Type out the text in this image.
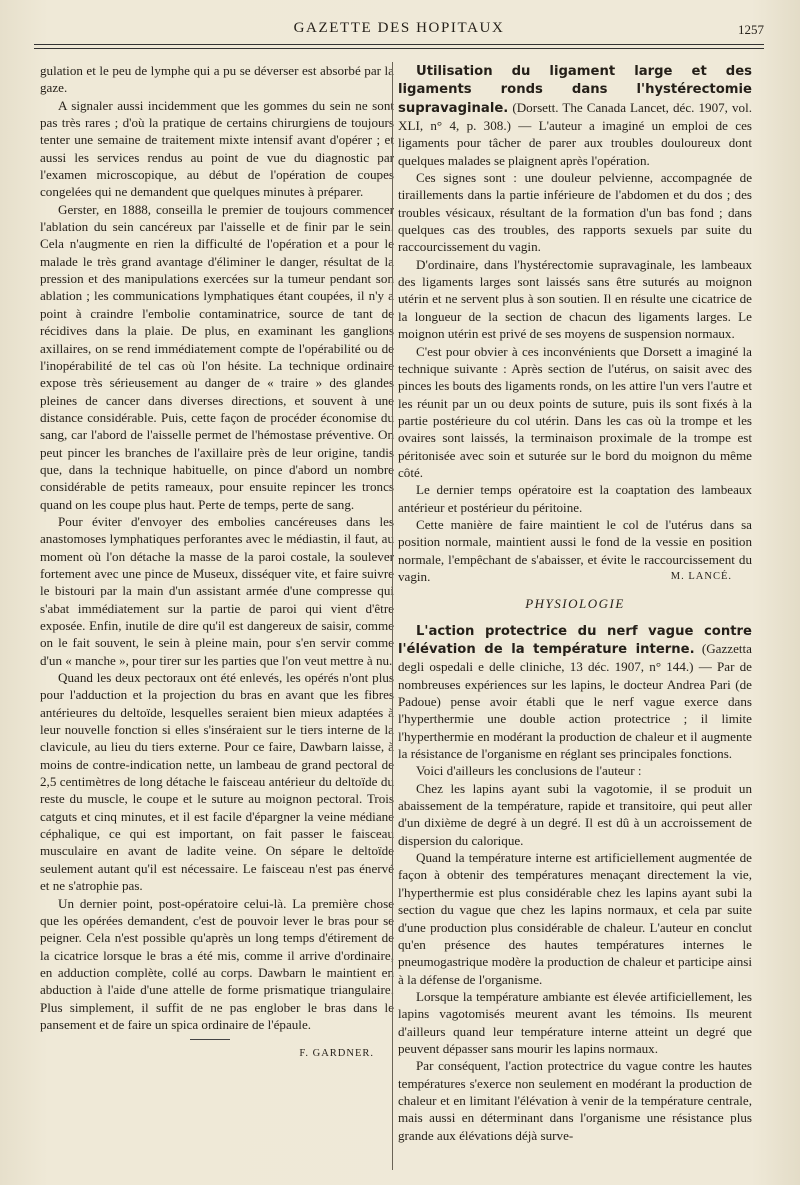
GAZETTE DES HOPITAUX	1257

gulation et le peu de lymphe qui a pu se déverser est absorbé par la gaze.

A signaler aussi incidemment que les gommes du sein ne sont pas très rares ; d'où la pratique de certains chirurgiens de toujours tenter une semaine de traitement mixte intensif avant d'opérer ; et aussi les services rendus au point de vue du diagnostic par l'examen microscopique, au début de l'opération de coupes congelées qui ne demandent que quelques minutes à préparer.

Gerster, en 1888, conseilla le premier de toujours commencer l'ablation du sein cancéreux par l'aisselle et de finir par le sein. Cela n'augmente en rien la difficulté de l'opération et a pour le malade le très grand avantage d'éliminer le danger, résultat de la pression et des manipulations exercées sur la tumeur pendant son ablation ; les communications lymphatiques étant coupées, il n'y a point à craindre l'embolie contaminatrice, source de tant de récidives dans la plaie. De plus, en examinant les ganglions axillaires, on se rend immédiatement compte de l'opérabilité ou de l'inopérabilité de tel cas où l'on hésite. La technique ordinaire expose très sérieusement au danger de « traire » des glandes pleines de cancer dans diverses directions, et souvent à une distance considérable. Puis, cette façon de procéder économise du sang, car l'abord de l'aisselle permet de l'hémostase préventive. On peut pincer les branches de l'axillaire près de leur origine, tandis que, dans la technique habituelle, on pince d'abord un nombre considérable de petits rameaux, pour ensuite repincer les troncs quand on les coupe plus haut. Perte de temps, perte de sang.

Pour éviter d'envoyer des embolies cancéreuses dans les anastomoses lymphatiques perforantes avec le médiastin, il faut, au moment où l'on détache la masse de la paroi costale, la soulever fortement avec une pince de Museux, disséquer vite, et faire suivre le bistouri par la main d'un assistant armée d'une compresse qui s'abat immédiatement sur la partie de paroi qui vient d'être exposée. Enfin, inutile de dire qu'il est dangereux de saisir, comme on le fait souvent, le sein à pleine main, pour s'en servir comme d'un « manche », pour tirer sur les parties que l'on veut mettre à nu.

Quand les deux pectoraux ont été enlevés, les opérés n'ont plus pour l'adduction et la projection du bras en avant que les fibres antérieures du deltoïde, lesquelles seraient bien mieux adaptées à leur nouvelle fonction si elles s'inséraient sur le tiers interne de la clavicule, au lieu du tiers externe. Pour ce faire, Dawbarn laisse, à moins de contre-indication nette, un lambeau de grand pectoral de 2,5 centimètres de long détache le faisceau antérieur du deltoïde du reste du muscle, le coupe et le suture au moignon pectoral. Trois catguts et cinq minutes, et il est facile d'épargner la veine médiane céphalique, ce qui est important, on fait passer le faisceau musculaire en avant de ladite veine. On sépare le deltoïde seulement autant qu'il est nécessaire. Le faisceau n'est pas énervé et ne s'atrophie pas.

Un dernier point, post-opératoire celui-là. La première chose que les opérées demandent, c'est de pouvoir lever le bras pour se peigner. Cela n'est possible qu'après un long temps d'étirement de la cicatrice lorsque le bras a été mis, comme il arrive d'ordinaire, en adduction complète, collé au corps. Dawbarn le maintient en abduction à l'aide d'une attelle de forme prismatique triangulaire. Plus simplement, il suffit de ne pas englober le bras dans le pansement et de faire un spica ordinaire de l'épaule.

F. GARDNER.

Utilisation du ligament large et des ligaments ronds dans l'hystérectomie supravaginale. (Dorsett. The Canada Lancet, déc. 1907, vol. XLI, n° 4, p. 308.) — L'auteur a imaginé un emploi de ces ligaments pour tâcher de parer aux troubles douloureux dont quelques malades se plaignent après l'opération.

Ces signes sont : une douleur pelvienne, accompagnée de tiraillements dans la partie inférieure de l'abdomen et du dos ; des troubles vésicaux, résultant de la formation d'un bas fond ; dans quelques cas des troubles, des rapports sexuels par suite du raccourcissement du vagin.

D'ordinaire, dans l'hystérectomie supravaginale, les lambeaux des ligaments larges sont laissés sans être suturés au moignon utérin et ne servent plus à son soutien. Il en résulte une cicatrice de la longueur de la section de chacun des ligaments larges. Le moignon utérin est privé de ses moyens de suspension normaux.

C'est pour obvier à ces inconvénients que Dorsett a imaginé la technique suivante : Après section de l'utérus, on saisit avec des pinces les bouts des ligaments ronds, on les attire l'un vers l'autre et les réunit par un ou deux points de suture, puis ils sont fixés à la partie postérieure du col utérin. Dans les cas où la trompe et les ovaires sont laissés, la terminaison proximale de la trompe est péritonisée avec soin et suturée sur le bord du moignon du même côté.

Le dernier temps opératoire est la coaptation des lambeaux antérieur et postérieur du péritoine.

Cette manière de faire maintient le col de l'utérus dans sa position normale, maintient aussi le fond de la vessie en position normale, l'empêchant de s'abaisser, et évite le raccourcissement du vagin.	M. LANCÉ.

PHYSIOLOGIE

L'action protectrice du nerf vague contre l'élévation de la température interne. (Gazzetta degli ospedali e delle cliniche, 13 déc. 1907, n° 144.) — Par de nombreuses expériences sur les lapins, le docteur Andrea Pari (de Padoue) pense avoir établi que le nerf vague exerce dans l'hyperthermie une double action protectrice ; il limite l'hyperthermie en modérant la production de chaleur et il augmente la résistance de l'organisme en réglant ses principales fonctions.

Voici d'ailleurs les conclusions de l'auteur :

Chez les lapins ayant subi la vagotomie, il se produit un abaissement de la température, rapide et transitoire, qui peut aller d'un dixième de degré à un degré. Il est dû à un accroissement de dispersion du calorique.

Quand la température interne est artificiellement augmentée de façon à obtenir des températures menaçant directement la vie, l'hyperthermie est plus considérable chez les lapins ayant subi la section du vague que chez les lapins normaux, et cela par suite d'une production plus considérable de chaleur. L'auteur en conclut qu'en présence des hautes températures internes le pneumogastrique modère la production de chaleur et participe ainsi à la défense de l'organisme.

Lorsque la température ambiante est élevée artificiellement, les lapins vagotomisés meurent avant les témoins. Ils meurent d'ailleurs quand leur température interne atteint un degré que peuvent dépasser sans mourir les lapins normaux.

Par conséquent, l'action protectrice du vague contre les hautes températures s'exerce non seulement en modérant la production de chaleur et en limitant l'élévation à venir de la température centrale, mais aussi en déterminant dans l'organisme une résistance plus grande aux élévations déjà surve-
